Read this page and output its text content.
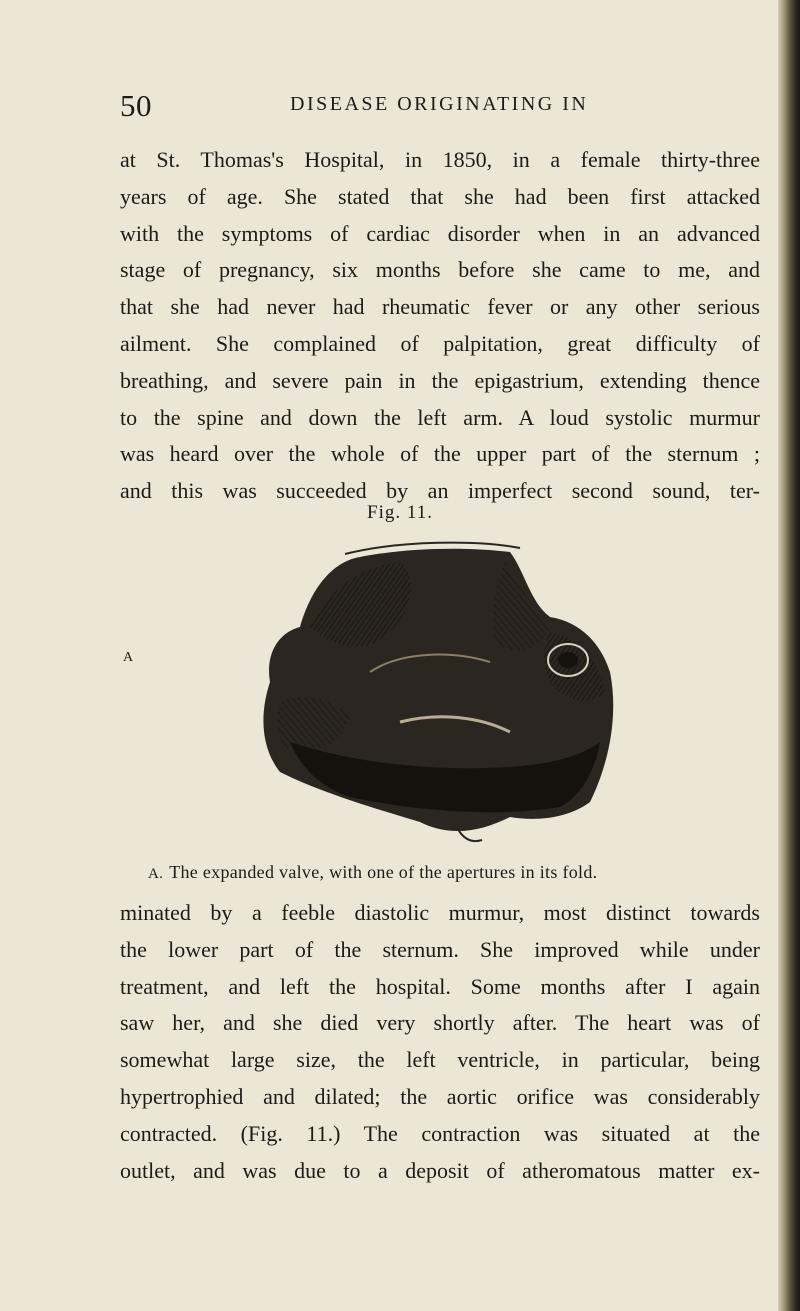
50	DISEASE ORIGINATING IN
at St. Thomas's Hospital, in 1850, in a female thirty-three
years of age. She stated that she had been first attacked
with the symptoms of cardiac disorder when in an advanced
stage of pregnancy, six months before she came to me, and
that she had never had rheumatic fever or any other serious
ailment. She complained of palpitation, great difficulty of
breathing, and severe pain in the epigastrium, extending thence
to the spine and down the left arm. A loud systolic murmur
was heard over the whole of the upper part of the sternum ;
and this was succeeded by an imperfect second sound, ter-
Fig. 11.
A
A. The expanded valve, with one of the apertures in its fold.
minated by a feeble diastolic murmur, most distinct towards
the lower part of the sternum. She improved while under
treatment, and left the hospital. Some months after I again
saw her, and she died very shortly after. The heart was of
somewhat large size, the left ventricle, in particular, being
hypertrophied and dilated; the aortic orifice was considerably
contracted. (Fig. 11.) The contraction was situated at the
outlet, and was due to a deposit of atheromatous matter ex-
